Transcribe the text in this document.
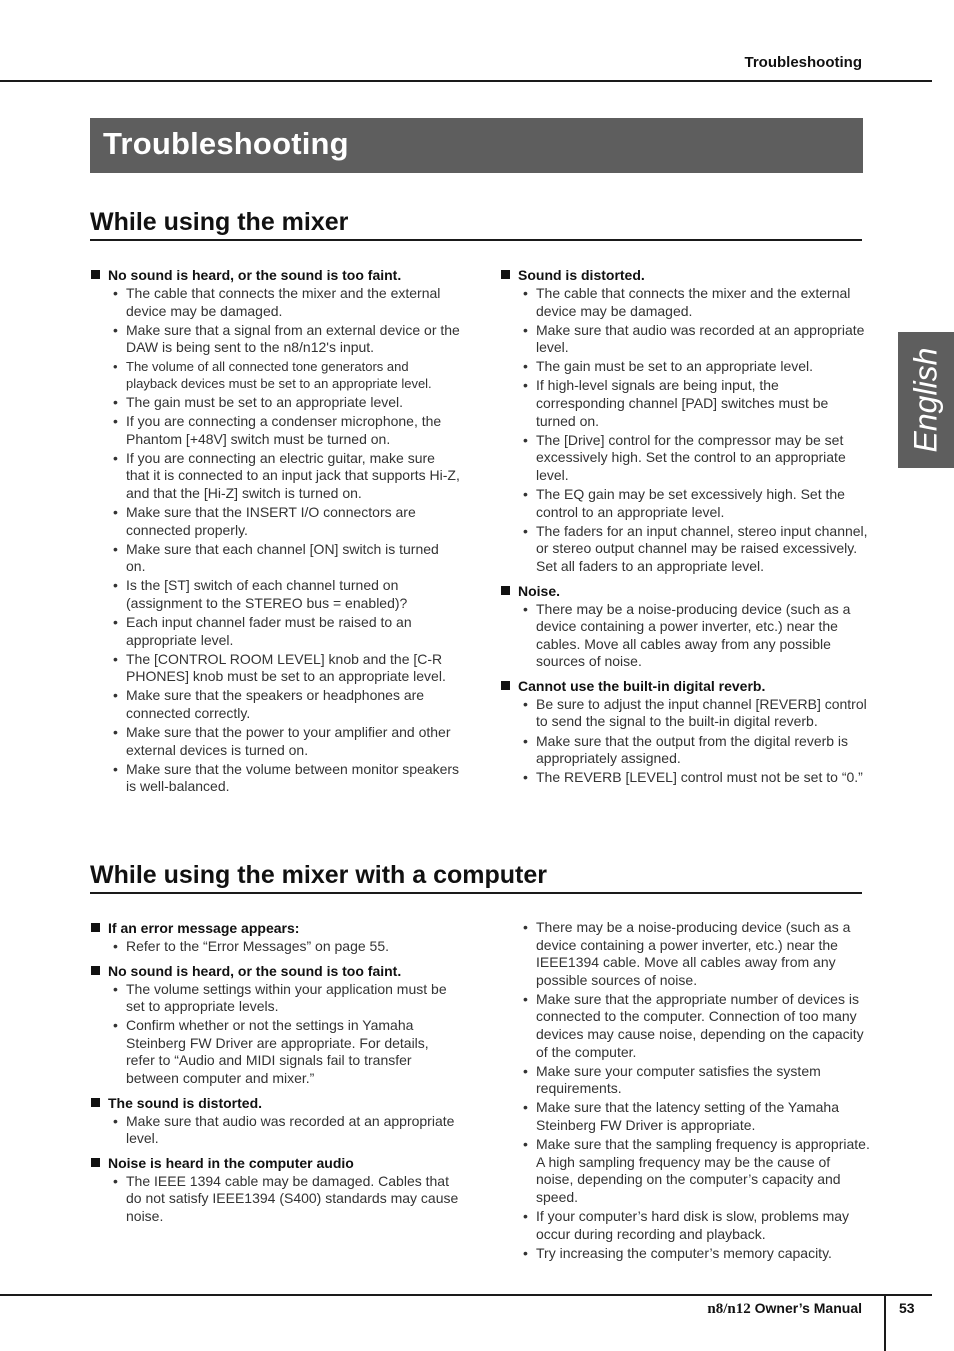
Troubleshooting
Troubleshooting
English
While using the mixer
No sound is heard, or the sound is too faint.
• The cable that connects the mixer and the external device may be damaged.
• Make sure that a signal from an external device or the DAW is being sent to the n8/n12's input.
• The volume of all connected tone generators and playback devices must be set to an appropriate level.
• The gain must be set to an appropriate level.
• If you are connecting a condenser microphone, the Phantom [+48V] switch must be turned on.
• If you are connecting an electric guitar, make sure that it is connected to an input jack that supports Hi-Z, and that the [Hi-Z] switch is turned on.
• Make sure that the INSERT I/O connectors are connected properly.
• Make sure that each channel [ON] switch is turned on.
• Is the [ST] switch of each channel turned on (assignment to the STEREO bus = enabled)?
• Each input channel fader must be raised to an appropriate level.
• The [CONTROL ROOM LEVEL] knob and the [C-R PHONES] knob must be set to an appropriate level.
• Make sure that the speakers or headphones are connected correctly.
• Make sure that the power to your amplifier and other external devices is turned on.
• Make sure that the volume between monitor speakers is well-balanced.
Sound is distorted.
• The cable that connects the mixer and the external device may be damaged.
• Make sure that audio was recorded at an appropriate level.
• The gain must be set to an appropriate level.
• If high-level signals are being input, the corresponding channel [PAD] switches must be turned on.
• The [Drive] control for the compressor may be set excessively high. Set the control to an appropriate level.
• The EQ gain may be set excessively high. Set the control to an appropriate level.
• The faders for an input channel, stereo input channel, or stereo output channel may be raised excessively. Set all faders to an appropriate level.
Noise.
• There may be a noise-producing device (such as a device containing a power inverter, etc.) near the cables. Move all cables away from any possible sources of noise.
Cannot use the built-in digital reverb.
• Be sure to adjust the input channel [REVERB] control to send the signal to the built-in digital reverb.
• Make sure that the output from the digital reverb is appropriately assigned.
• The REVERB [LEVEL] control must not be set to “0.”
While using the mixer with a computer
If an error message appears:
• Refer to the “Error Messages” on page 55.
No sound is heard, or the sound is too faint.
• The volume settings within your application must be set to appropriate levels.
• Confirm whether or not the settings in Yamaha Steinberg FW Driver are appropriate. For details, refer to “Audio and MIDI signals fail to transfer between computer and mixer.”
The sound is distorted.
• Make sure that audio was recorded at an appropriate level.
Noise is heard in the computer audio
• The IEEE 1394 cable may be damaged. Cables that do not satisfy IEEE1394 (S400) standards may cause noise.
• There may be a noise-producing device (such as a device containing a power inverter, etc.) near the IEEE1394 cable. Move all cables away from any possible sources of noise.
• Make sure that the appropriate number of devices is connected to the computer. Connection of too many devices may cause noise, depending on the capacity of the computer.
• Make sure your computer satisfies the system requirements.
• Make sure that the latency setting of the Yamaha Steinberg FW Driver is appropriate.
• Make sure that the sampling frequency is appropriate. A high sampling frequency may be the cause of noise, depending on the computer’s capacity and speed.
• If your computer’s hard disk is slow, problems may occur during recording and playback.
• Try increasing the computer’s memory capacity.
n8/n12 Owner’s Manual	53
